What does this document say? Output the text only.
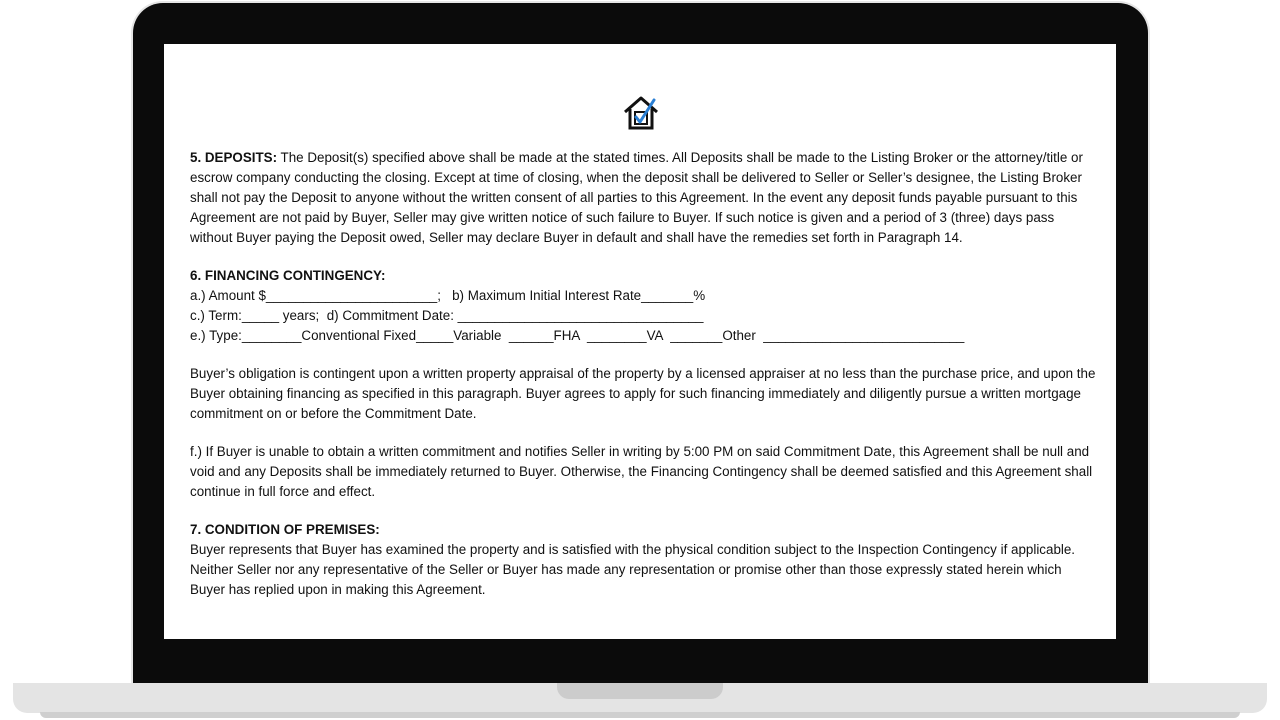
5. DEPOSITS: The Deposit(s) specified above shall be made at the stated times. All Deposits shall be made to the Listing Broker or the attorney/title or escrow company conducting the closing. Except at time of closing, when the deposit shall be delivered to Seller or Seller’s designee, the Listing Broker shall not pay the Deposit to anyone without the written consent of all parties to this Agreement. In the event any deposit funds payable pursuant to this Agreement are not paid by Buyer, Seller may give written notice of such failure to Buyer. If such notice is given and a period of 3 (three) days pass without Buyer paying the Deposit owed, Seller may declare Buyer in default and shall have the remedies set forth in Paragraph 14.

6. FINANCING CONTINGENCY:
a.) Amount $_______________________;   b) Maximum Initial Interest Rate_______%
c.) Term:_____ years;  d) Commitment Date: _________________________________
e.) Type:________Conventional Fixed_____Variable  ______FHA  ________VA  _______Other  ___________________________

Buyer’s obligation is contingent upon a written property appraisal of the property by a licensed appraiser at no less than the purchase price, and upon the Buyer obtaining financing as specified in this paragraph. Buyer agrees to apply for such financing immediately and diligently pursue a written mortgage commitment on or before the Commitment Date.

f.) If Buyer is unable to obtain a written commitment and notifies Seller in writing by 5:00 PM on said Commitment Date, this Agreement shall be null and void and any Deposits shall be immediately returned to Buyer. Otherwise, the Financing Contingency shall be deemed satisfied and this Agreement shall continue in full force and effect.

7. CONDITION OF PREMISES:
Buyer represents that Buyer has examined the property and is satisfied with the physical condition subject to the Inspection Contingency if applicable. Neither Seller nor any representative of the Seller or Buyer has made any representation or promise other than those expressly stated herein which Buyer has replied upon in making this Agreement.
